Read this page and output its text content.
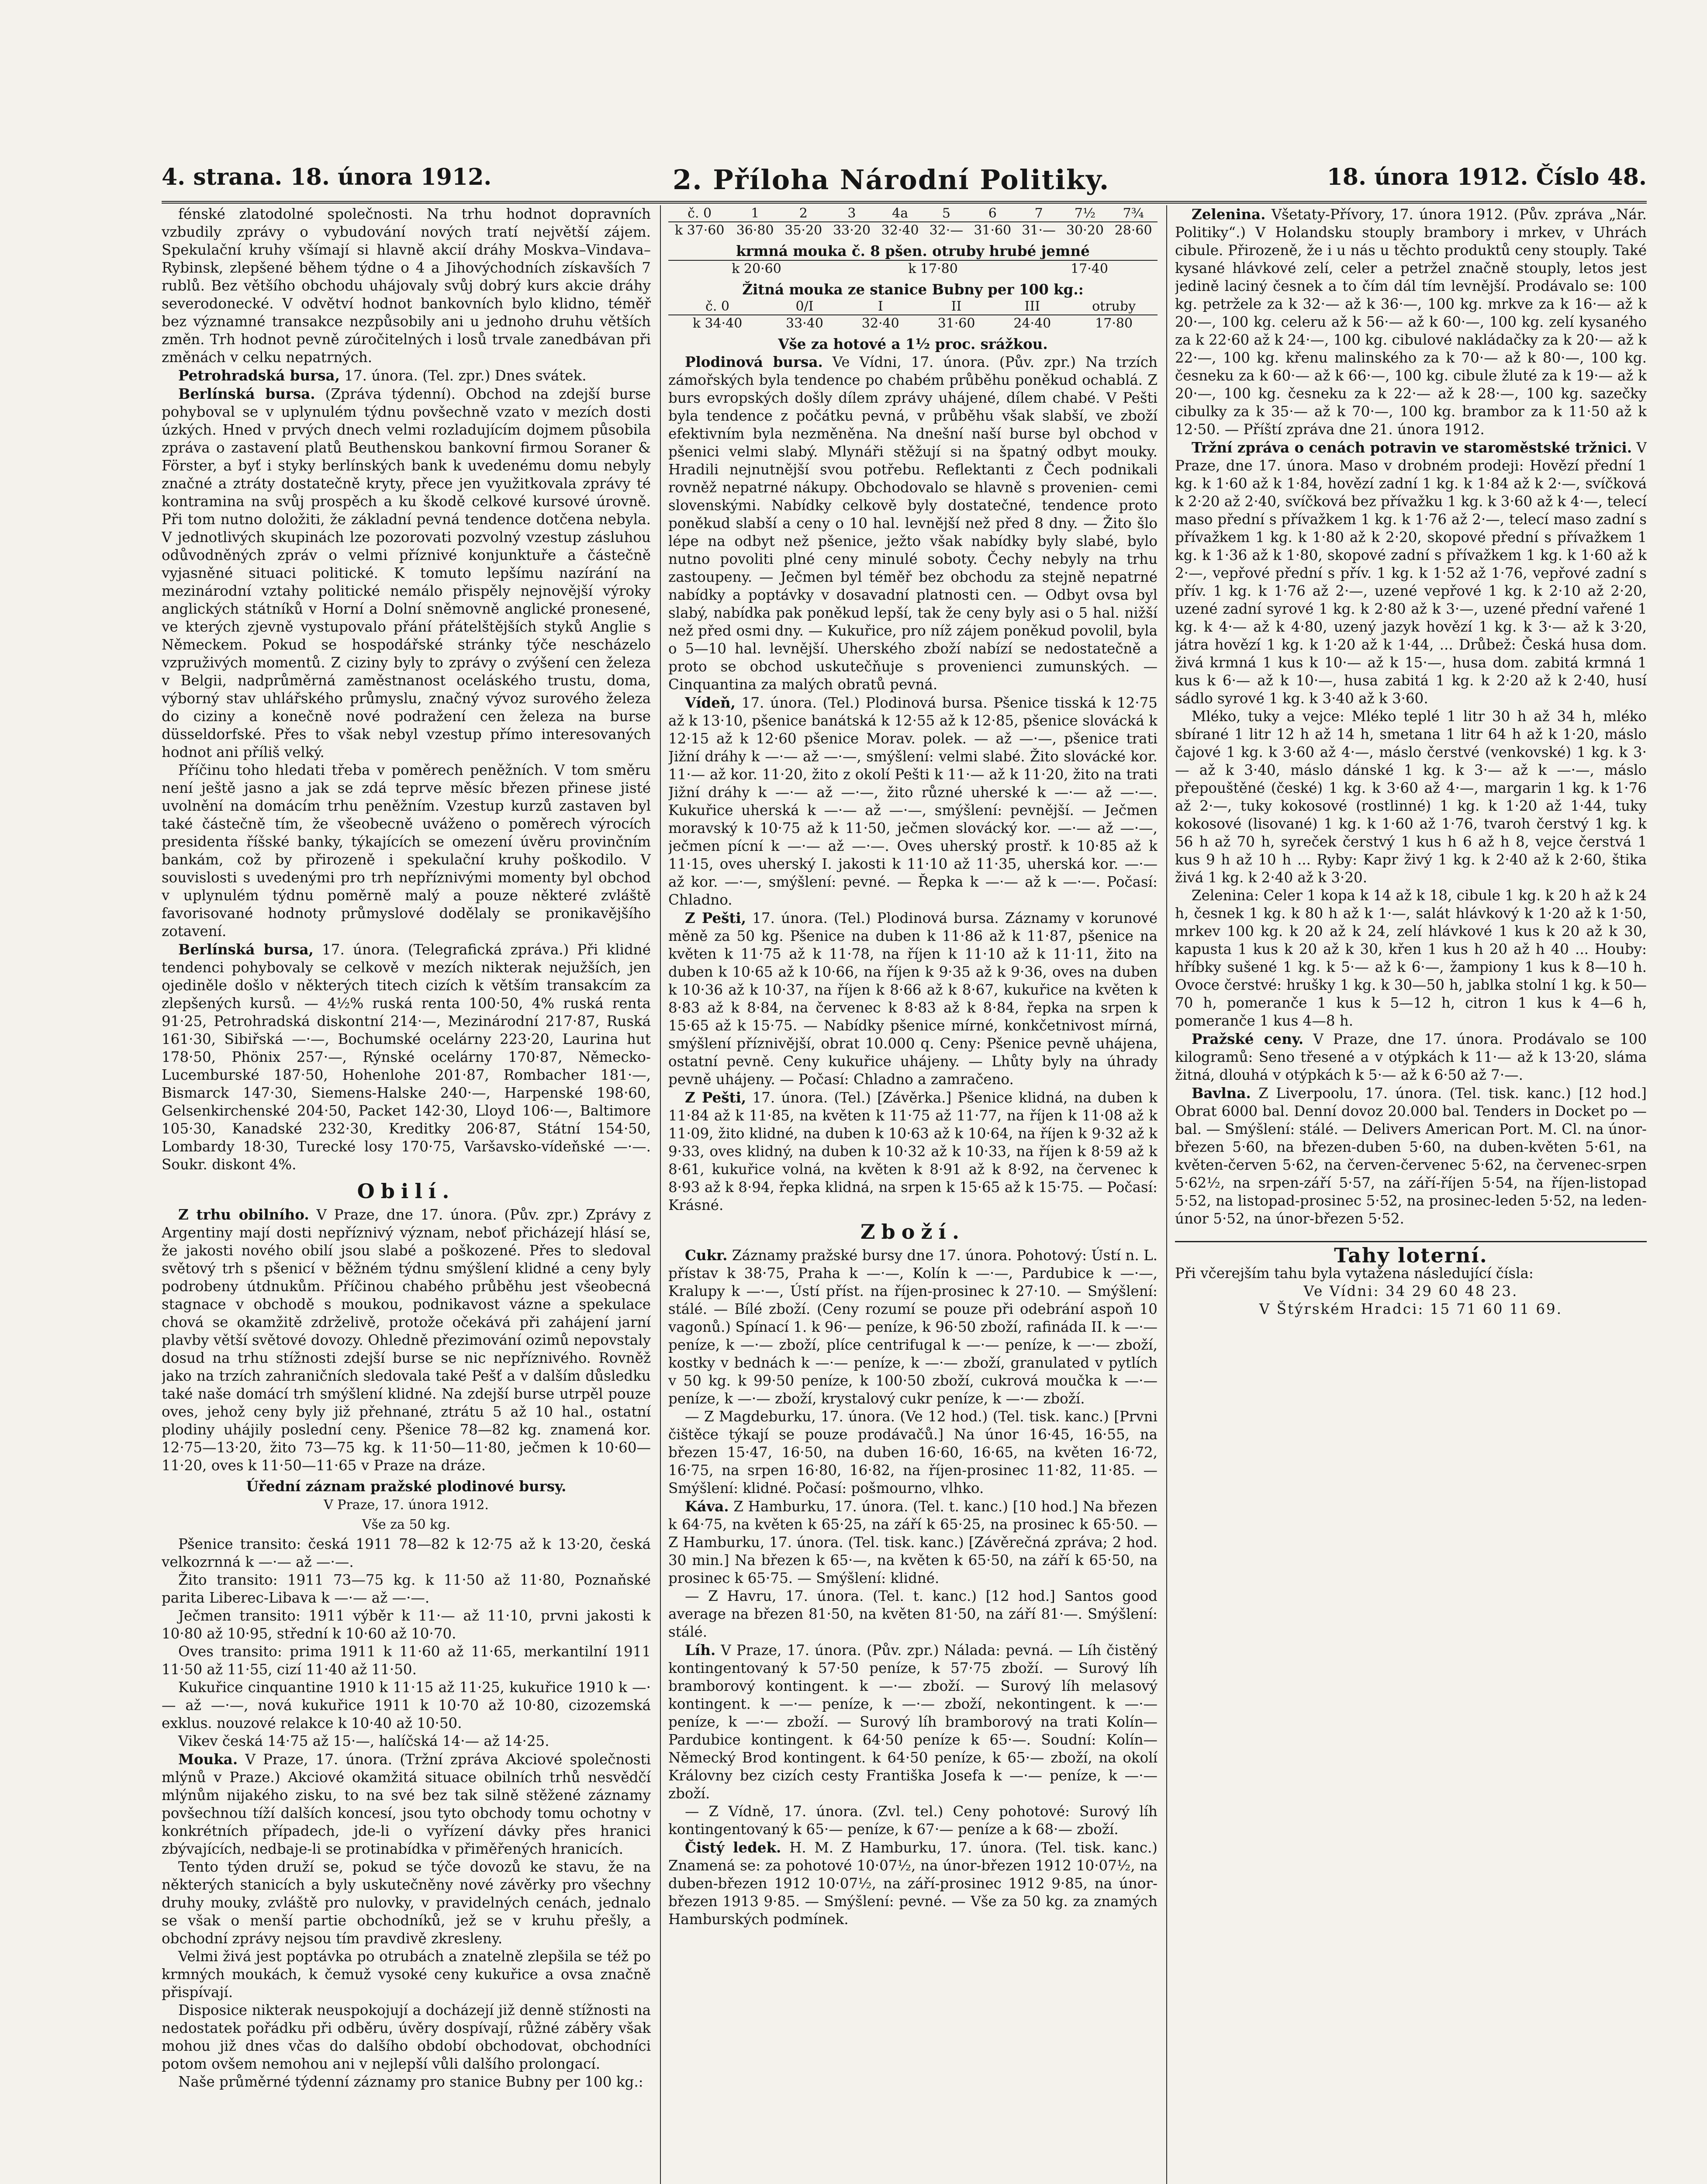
4. strana. 18. února 1912.	2. Příloha Národní Politiky.	18. února 1912. Číslo 48.

fénské zlatodolné společnosti. Na trhu hodnot dopravních vzbudily zprávy o vybudování nových tratí největší zájem. Spekulační kruhy všímají si hlavně akcií dráhy Moskva–Vindava–Rybinsk, zlepšené během týdne o 4 a Jihovýchodních získavších 7 rublů. Bez většího obchodu uhájovaly svůj dobrý kurs akcie dráhy severodonecké. V odvětví hodnot bankovních bylo klidno, téměř bez významné transakce nezpůsobily ani u jednoho druhu větších změn. Trh hodnot pevně zúročitelných i losů trvale zanedbávan při změnách v celku nepatrných.

Petrohradská bursa, 17. února. (Tel. zpr.) Dnes svátek.

Berlínská bursa. (Zpráva týdenní). Obchod na zdejší burse pohyboval se v uplynulém týdnu povšechně vzato v mezích dosti úzkých. Hned v prvých dnech velmi rozladujícím dojmem působila zpráva o zastavení platů Beuthenskou bankovní firmou Soraner & Förster, a byť i styky berlínských bank k uvedenému domu nebyly značné a ztráty dostatečně kryty, přece jen využitkovala zprávy té kontramina na svůj prospěch a ku škodě celkové kursové úrovně. Při tom nutno doložiti, že základní pevná tendence dotčena nebyla. V jednotlivých skupinách lze pozorovati pozvolný vzestup zásluhou odůvodněných zpráv o velmi příznivé konjunktuře a částečně vyjasněné situaci politické. K tomuto lepšímu nazírání na mezinárodní vztahy politické nemálo přispěly nejnovější výroky anglických státníků v Horní a Dolní sněmovně anglické pronesené, ve kterých zjevně vystupovalo přání přátelštějších styků Anglie s Německem. Pokud se hospodářské stránky týče nescházelo vzpruživých momentů. Z ciziny byly to zprávy o zvýšení cen železa v Belgii, nadprůměrná zaměstnanost oceláského trustu, doma, výborný stav uhlářského průmyslu, značný vývoz surového železa do ciziny a konečně nové podražení cen železa na burse düsseldorfské. Přes to však nebyl vzestup přímo interesovaných hodnot ani příliš velký.

Příčinu toho hledati třeba v poměrech peněžních. V tom směru není ještě jasno a jak se zdá teprve měsíc březen přinese jisté uvolnění na domácím trhu peněžním. Vzestup kurzů zastaven byl také částečně tím, že všeobecně uváženo o poměrech výrocích presidenta říšské banky, týkajících se omezení úvěru provinčním bankám, což by přirozeně i spekulační kruhy poškodilo. V souvislosti s uvedenými pro trh nepříznivými momenty byl obchod v uplynulém týdnu poměrně malý a pouze některé zvláště favorisované hodnoty průmyslové dodělaly se pronikavějšího zotavení.

Berlínská bursa, 17. února. (Telegrafická zpráva.) Při klidné tendenci pohybovaly se celkově v mezích nikterak nejužších, jen ojediněle došlo v některých titech cizích k větším transakcím za zlepšených kursů. — 4½% ruská renta 100·50, 4% ruská renta 91·25, Petrohradská diskontní 214·—, Mezinárodní 217·87, Ruská 161·30, Sibiřská —·—, Bochumské ocelárny 223·20, Laurina hut 178·50, Phönix 257·—, Rýnské ocelárny 170·87, Německo-Lucemburské 187·50, Hohenlohe 201·87, Rombacher 181·—, Bismarck 147·30, Siemens-Halske 240·—, Harpenské 198·60, Gelsenkirchenské 204·50, Packet 142·30, Lloyd 106·—, Baltimore 105·30, Kanadské 232·30, Kreditky 206·87, Státní 154·50, Lombardy 18·30, Turecké losy 170·75, Varšavsko-vídeňské —·—. Soukr. diskont 4%.

Obilí.

Z trhu obilního. V Praze, dne 17. února. (Pův. zpr.) Zprávy z Argentiny mají dosti nepříznivý význam, neboť přicházejí hlásí se, že jakosti nového obilí jsou slabé a poškozené. Přes to sledoval světový trh s pšenicí v běžném týdnu smýšlení klidné a ceny byly podrobeny útdnukům. Příčinou chabého průběhu jest všeobecná stagnace v obchodě s moukou, podnikavost vázne a spekulace chová se okamžitě zdrželivě, protože očekává při zahájení jarní plavby větší světové dovozy. Ohledně přezimování ozimů nepovstaly dosud na trhu stížnosti zdejší burse se nic nepříznivého. Rovněž jako na trzích zahraničních sledovala také Pešť a v dalším důsledku také naše domácí trh smýšlení klidné. Na zdejší burse utrpěl pouze oves, jehož ceny byly již přehnané, ztrátu 5 až 10 hal., ostatní plodiny uhájily poslední ceny. Pšenice 78—82 kg. znamená kor. 12·75—13·20, žito 73—75 kg. k 11·50—11·80, ječmen k 10·60—11·20, oves k 11·50—11·65 v Praze na dráze.

Úřední záznam pražské plodinové bursy.

V Praze, 17. února 1912.

Vše za 50 kg.

Pšenice transito: česká 1911 78—82 k 12·75 až k 13·20, česká velkozrnná k —·— až —·—.

Žito transito: 1911 73—75 kg. k 11·50 až 11·80, Poznaňské parita Liberec-Libava k —·— až —·—.

Ječmen transito: 1911 výběr k 11·— až 11·10, prvni jakosti k 10·80 až 10·95, střední k 10·60 až 10·70.

Oves transito: prima 1911 k 11·60 až 11·65, merkantilní 1911 11·50 až 11·55, cizí 11·40 až 11·50.

Kukuřice cinquantine 1910 k 11·15 až 11·25, kukuřice 1910 k —·— až —·—, nová kukuřice 1911 k 10·70 až 10·80, cizozemská exklus. nouzové relakce k 10·40 až 10·50.

Vikev česká 14·75 až 15·—, halíčská 14·— až 14·25.

Mouka. V Praze, 17. února. (Tržní zpráva Akciové společnosti mlýnů v Praze.) Akciové okamžitá situace obilních trhů nesvědčí mlýnům nijakého zisku, to na své bez tak silně stěžené záznamy povšechnou tíží dalších koncesí, jsou tyto obchody tomu ochotny v konkrétních případech, jde-li o vyřízení dávky přes hranici zbývajících, nedbaje-li se protinabídka v přiměřených hranicích.

Tento týden druží se, pokud se týče dovozů ke stavu, že na některých stanicích a byly uskutečněny nové závěrky pro všechny druhy mouky, zvláště pro nulovky, v pravidelných cenách, jednalo se však o menší partie obchodníků, jež se v kruhu přešly, a obchodní zprávy nejsou tím pravdivě zkresleny.

Velmi živá jest poptávka po otrubách a znatelně zlepšila se též po krmných moukách, k čemuž vysoké ceny kukuřice a ovsa značně přispívají.

Disposice nikterak neuspokojují a docházejí již denně stížnosti na nedostatek pořádku při odběru, úvěry dospívají, růžné záběry však mohou již dnes včas do dalšího období obchodovat, obchodníci potom ovšem nemohou ani v nejlepší vůli dalšího prolongací.

Naše průměrné týdenní záznamy pro stanice Bubny per 100 kg.:

č. 0	1	2	3	4a	5	6	7	7½	7¾
k 37·60	36·80	35·20	33·20	32·40	32·—	31·60	31·—	30·20	28·60

krmná mouka č. 8 pšen. otruby hrubé jemné

k 20·60	k 17·80	17·40

Žitná mouka ze stanice Bubny per 100 kg.:

č. 0	0/I	I	II	III	otruby
k 34·40	33·40	32·40	31·60	24·40	17·80

Vše za hotové a 1½ proc. srážkou.

Plodinová bursa. Ve Vídni, 17. února. (Pův. zpr.) Na trzích zámořských byla tendence po chabém průběhu poněkud ochablá. Z burs evropských došly dílem zprávy uhájené, dílem chabé. V Pešti byla tendence z počátku pevná, v průběhu však slabší, ve zboží efektivním byla nezměněna. Na dnešní naší burse byl obchod v pšenici velmi slabý. Mlynáři stěžují si na špatný odbyt mouky. Hradili nejnutnější svou potřebu. Reflektanti z Čech podnikali rovněž nepatrné nákupy. Obchodovalo se hlavně s provenien- cemi slovenskými. Nabídky celkově byly dostatečné, tendence proto poněkud slabší a ceny o 10 hal. levnější než před 8 dny. — Žito šlo lépe na odbyt než pšenice, ježto však nabídky byly slabé, bylo nutno povoliti plné ceny minulé soboty. Čechy nebyly na trhu zastoupeny. — Ječmen byl téměř bez obchodu za stejně nepatrné nabídky a poptávky v dosavadní platnosti cen. — Odbyt ovsa byl slabý, nabídka pak poněkud lepší, tak že ceny byly asi o 5 hal. nižší než před osmi dny. — Kukuřice, pro níž zájem poněkud povolil, byla o 5—10 hal. levnější. Uherského zboží nabízí se nedostatečně a proto se obchod uskutečňuje s provenienci zumunských. — Cinquantina za malých obratů pevná.

Vídeň, 17. února. (Tel.) Plodinová bursa. Pšenice tisská k 12·75 až k 13·10, pšenice banátská k 12·55 až k 12·85, pšenice slovácká k 12·15 až k 12·60 pšenice Morav. polek. — až —·—, pšenice trati Jižní dráhy k —·— až —·—, smýšlení: velmi slabé. Žito slovácké kor. 11·— až kor. 11·20, žito z okolí Pešti k 11·— až k 11·20, žito na trati Jižní dráhy k —·— až —·—, žito různé uherské k —·— až —·—. Kukuřice uherská k —·— až —·—, smýšlení: pevnější. — Ječmen moravský k 10·75 až k 11·50, ječmen slovácký kor. —·— až —·—, ječmen pícní k —·— až —·—. Oves uherský prostř. k 10·85 až k 11·15, oves uherský I. jakosti k 11·10 až 11·35, uherská kor. —·— až kor. —·—, smýšlení: pevné. — Řepka k —·— až k —·—. Počasí: Chladno.

Z Pešti, 17. února. (Tel.) Plodinová bursa. Záznamy v korunové měně za 50 kg. Pšenice na duben k 11·86 až k 11·87, pšenice na květen k 11·75 až k 11·78, na říjen k 11·10 až k 11·11, žito na duben k 10·65 až k 10·66, na říjen k 9·35 až k 9·36, oves na duben k 10·36 až k 10·37, na říjen k 8·66 až k 8·67, kukuřice na květen k 8·83 až k 8·84, na červenec k 8·83 až k 8·84, řepka na srpen k 15·65 až k 15·75. — Nabídky pšenice mírné, konkčetnivost mírná, smýšlení příznivější, obrat 10.000 q. Ceny: Pšenice pevně uhájena, ostatní pevně. Ceny kukuřice uhájeny. — Lhůty byly na úhrady pevně uhájeny. — Počasí: Chladno a zamračeno.

Z Pešti, 17. února. (Tel.) [Závěrka.] Pšenice klidná, na duben k 11·84 až k 11·85, na květen k 11·75 až 11·77, na říjen k 11·08 až k 11·09, žito klidné, na duben k 10·63 až k 10·64, na říjen k 9·32 až k 9·33, oves klidný, na duben k 10·32 až k 10·33, na říjen k 8·59 až k 8·61, kukuřice volná, na květen k 8·91 až k 8·92, na červenec k 8·93 až k 8·94, řepka klidná, na srpen k 15·65 až k 15·75. — Počasí: Krásné.

Zboží.

Cukr. Záznamy pražské bursy dne 17. února. Pohotový: Ústí n. L. přístav k 38·75, Praha k —·—, Kolín k —·—, Pardubice k —·—, Kralupy k —·—, Ústí příst. na říjen-prosinec k 27·10. — Smýšlení: stálé. — Bílé zboží. (Ceny rozumí se pouze při odebrání aspoň 10 vagonů.) Spínací 1. k 96·— peníze, k 96·50 zboží, rafináda II. k —·— peníze, k —·— zboží, plíce centrifugal k —·— peníze, k —·— zboží, kostky v bednách k —·— peníze, k —·— zboží, granulated v pytlích v 50 kg. k 99·50 peníze, k 100·50 zboží, cukrová moučka k —·— peníze, k —·— zboží, krystalový cukr peníze, k —·— zboží.

— Z Magdeburku, 17. února. (Ve 12 hod.) (Tel. tisk. kanc.) [Prvni čištěce týkají se pouze prodávačů.] Na únor 16·45, 16·55, na březen 15·47, 16·50, na duben 16·60, 16·65, na květen 16·72, 16·75, na srpen 16·80, 16·82, na říjen-prosinec 11·82, 11·85. — Smýšlení: klidné. Počasí: pošmourno, vlhko.

Káva. Z Hamburku, 17. února. (Tel. t. kanc.) [10 hod.] Na březen k 64·75, na květen k 65·25, na září k 65·25, na prosinec k 65·50. — Z Hamburku, 17. února. (Tel. tisk. kanc.) [Závěrečná zpráva; 2 hod. 30 min.] Na březen k 65·—, na květen k 65·50, na září k 65·50, na prosinec k 65·75. — Smýšlení: klidné.

— Z Havru, 17. února. (Tel. t. kanc.) [12 hod.] Santos good average na březen 81·50, na květen 81·50, na září 81·—. Smýšlení: stálé.

Líh. V Praze, 17. února. (Pův. zpr.) Nálada: pevná. — Líh čistěný kontingentovaný k 57·50 peníze, k 57·75 zboží. — Surový líh bramborový kontingent. k —·— zboží. — Surový líh melasový kontingent. k —·— peníze, k —·— zboží, nekontingent. k —·— peníze, k —·— zboží. — Surový líh bramborový na trati Kolín—Pardubice kontingent. k 64·50 peníze k 65·—. Soudní: Kolín—Německý Brod kontingent. k 64·50 peníze, k 65·— zboží, na okolí Královny bez cizích cesty Františka Josefa k —·— peníze, k —·— zboží.

— Z Vídně, 17. února. (Zvl. tel.) Ceny pohotové: Surový líh kontingentovaný k 65·— peníze, k 67·— peníze a k 68·— zboží.

Čistý ledek. H. M. Z Hamburku, 17. února. (Tel. tisk. kanc.) Znamená se: za pohotové 10·07½, na únor-březen 1912 10·07½, na duben-březen 1912 10·07½, na září-prosinec 1912 9·85, na únor-březen 1913 9·85. — Smýšlení: pevné. — Vše za 50 kg. za znamých Hamburských podmínek.

Zelenina. Všetaty-Přívory, 17. února 1912. (Pův. zpráva „Nár. Politiky“.) V Holandsku stouply brambory i mrkev, v Uhrách cibule. Přirozeně, že i u nás u těchto produktů ceny stouply. Také kysané hlávkové zelí, celer a petržel značně stouply, letos jest jedině laciný česnek a to čím dál tím levnější. Prodávalo se: 100 kg. petržele za k 32·— až k 36·—, 100 kg. mrkve za k 16·— až k 20·—, 100 kg. celeru až k 56·— až k 60·—, 100 kg. zelí kysaného za k 22·60 až k 24·—, 100 kg. cibulové nakládačky za k 20·— až k 22·—, 100 kg. křenu malinského za k 70·— až k 80·—, 100 kg. česneku za k 60·— až k 66·—, 100 kg. cibule žluté za k 19·— až k 20·—, 100 kg. česneku za k 22·— až k 28·—, 100 kg. sazečky cibulky za k 35·— až k 70·—, 100 kg. brambor za k 11·50 až k 12·50. — Příští zpráva dne 21. února 1912.

Tržní zpráva o cenách potravin ve staroměstské tržnici. V Praze, dne 17. února. Maso v drobném prodeji: Hovězí přední 1 kg. k 1·60 až k 1·84, hovězí zadní 1 kg. k 1·84 až k 2·—, svíčková k 2·20 až 2·40, svíčková bez přívažku 1 kg. k 3·60 až k 4·—, telecí maso přední s přívažkem 1 kg. k 1·76 až 2·—, telecí maso zadní s přívažkem 1 kg. k 1·80 až k 2·20, skopové přední s přívažkem 1 kg. k 1·36 až k 1·80, skopové zadní s přívažkem 1 kg. k 1·60 až k 2·—, vepřové přední s přív. 1 kg. k 1·52 až 1·76, vepřové zadní s přív. 1 kg. k 1·76 až 2·—, uzené vepřové 1 kg. k 2·10 až 2·20, uzené zadní syrové 1 kg. k 2·80 až k 3·—, uzené přední vařené 1 kg. k 4·— až k 4·80, uzený jazyk hovězí 1 kg. k 3·— až k 3·20, játra hovězí 1 kg. k 1·20 až k 1·44, ... Drůbež: Česká husa dom. živá krmná 1 kus k 10·— až k 15·—, husa dom. zabitá krmná 1 kus k 6·— až k 10·—, husa zabitá 1 kg. k 2·20 až k 2·40, husí sádlo syrové 1 kg. k 3·40 až k 3·60.

Mléko, tuky a vejce: Mléko teplé 1 litr 30 h až 34 h, mléko sbírané 1 litr 12 h až 14 h, smetana 1 litr 64 h až k 1·20, máslo čajové 1 kg. k 3·60 až 4·—, máslo čerstvé (venkovské) 1 kg. k 3·— až k 3·40, máslo dánské 1 kg. k 3·— až k —·—, máslo přepouštěné (české) 1 kg. k 3·60 až 4·—, margarin 1 kg. k 1·76 až 2·—, tuky kokosové (rostlinné) 1 kg. k 1·20 až 1·44, tuky kokosové (lisované) 1 kg. k 1·60 až 1·76, tvaroh čerstvý 1 kg. k 56 h až 70 h, syreček čerstvý 1 kus h 6 až h 8, vejce čerstvá 1 kus 9 h až 10 h ... Ryby: Kapr živý 1 kg. k 2·40 až k 2·60, štika živá 1 kg. k 2·40 až k 3·20.

Zelenina: Celer 1 kopa k 14 až k 18, cibule 1 kg. k 20 h až k 24 h, česnek 1 kg. k 80 h až k 1·—, salát hlávkový k 1·20 až k 1·50, mrkev 100 kg. k 20 až k 24, zelí hlávkové 1 kus k 20 až k 30, kapusta 1 kus k 20 až k 30, křen 1 kus h 20 až h 40 ... Houby: hříbky sušené 1 kg. k 5·— až k 6·—, žampiony 1 kus k 8—10 h. Ovoce čerstvé: hrušky 1 kg. k 30—50 h, jablka stolní 1 kg. k 50—70 h, pomeranče 1 kus k 5—12 h, citron 1 kus k 4—6 h, pomeranče 1 kus 4—8 h.

Pražské ceny. V Praze, dne 17. února. Prodávalo se 100 kilogramů: Seno třesené a v otýpkách k 11·— až k 13·20, sláma žitná, dlouhá v otýpkách k 5·— až k 6·50 až 7·—.

Bavlna. Z Liverpoolu, 17. února. (Tel. tisk. kanc.) [12 hod.] Obrat 6000 bal. Denní dovoz 20.000 bal. Tenders in Docket po — bal. — Smýšlení: stálé. — Delivers American Port. M. Cl. na únor-březen 5·60, na březen-duben 5·60, na duben-květen 5·61, na květen-červen 5·62, na červen-červenec 5·62, na červenec-srpen 5·62½, na srpen-září 5·57, na září-říjen 5·54, na říjen-listopad 5·52, na listopad-prosinec 5·52, na prosinec-leden 5·52, na leden-únor 5·52, na únor-březen 5·52.

Tahy loterní.

Při včerejším tahu byla vytažena následující čísla:

Ve Vídni: 34 29 60 48 23.

V Štýrském Hradci: 15 71 60 11 69.
